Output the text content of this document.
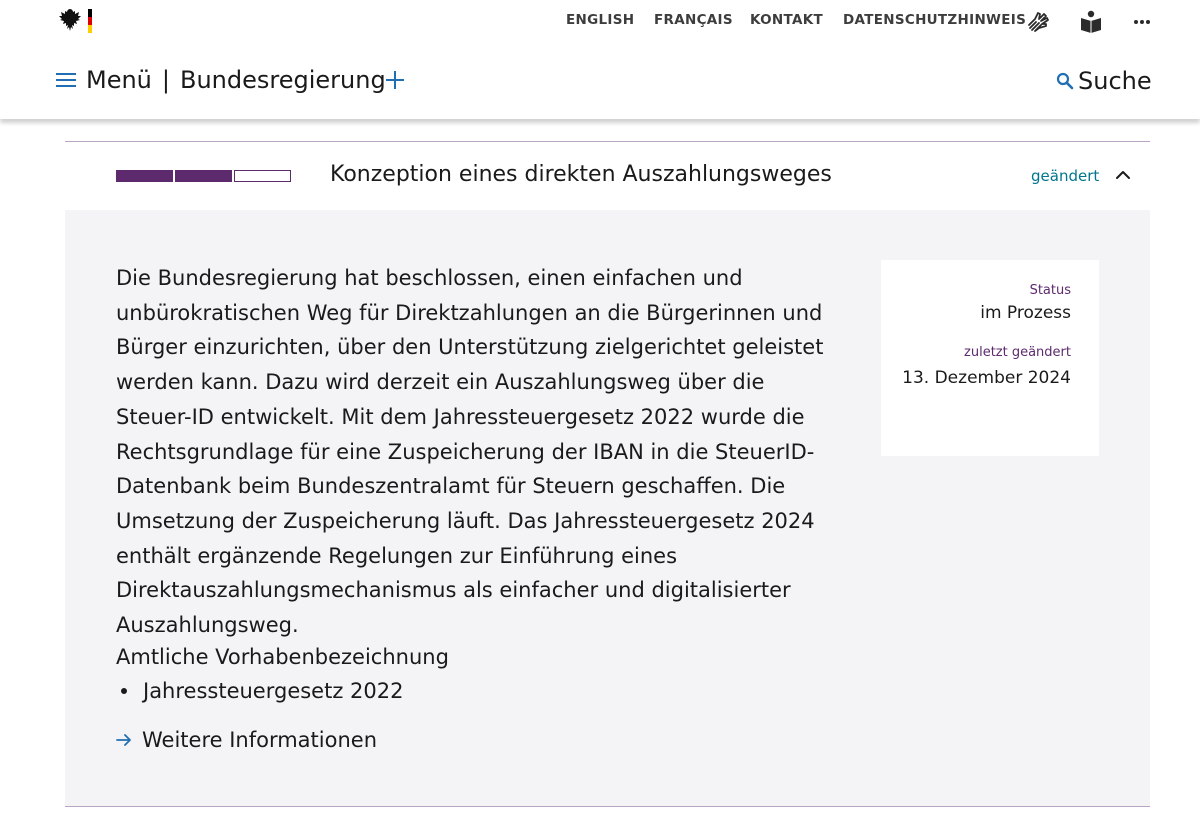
ENGLISH FRANÇAIS KONTAKT DATENSCHUTZHINWEIS
Menü | Bundesregierung	Suche
Konzeption eines direkten Auszahlungsweges	geändert

Die Bundesregierung hat beschlossen, einen einfachen und unbürokratischen Weg für Direktzahlungen an die Bürgerinnen und Bürger einzurichten, über den Unterstützung zielgerichtet geleistet werden kann. Dazu wird derzeit ein Auszahlungsweg über die Steuer-ID entwickelt. Mit dem Jahressteuergesetz 2022 wurde die Rechtsgrundlage für eine Zuspeicherung der IBAN in die SteuerID-Datenbank beim Bundeszentralamt für Steuern geschaffen. Die Umsetzung der Zuspeicherung läuft. Das Jahressteuergesetz 2024 enthält ergänzende Regelungen zur Einführung eines Direktauszahlungsmechanismus als einfacher und digitalisierter Auszahlungsweg.

Amtliche Vorhabenbezeichnung
Jahressteuergesetz 2022
Weitere Informationen
Status
im Prozess
zuletzt geändert
13. Dezember 2024
